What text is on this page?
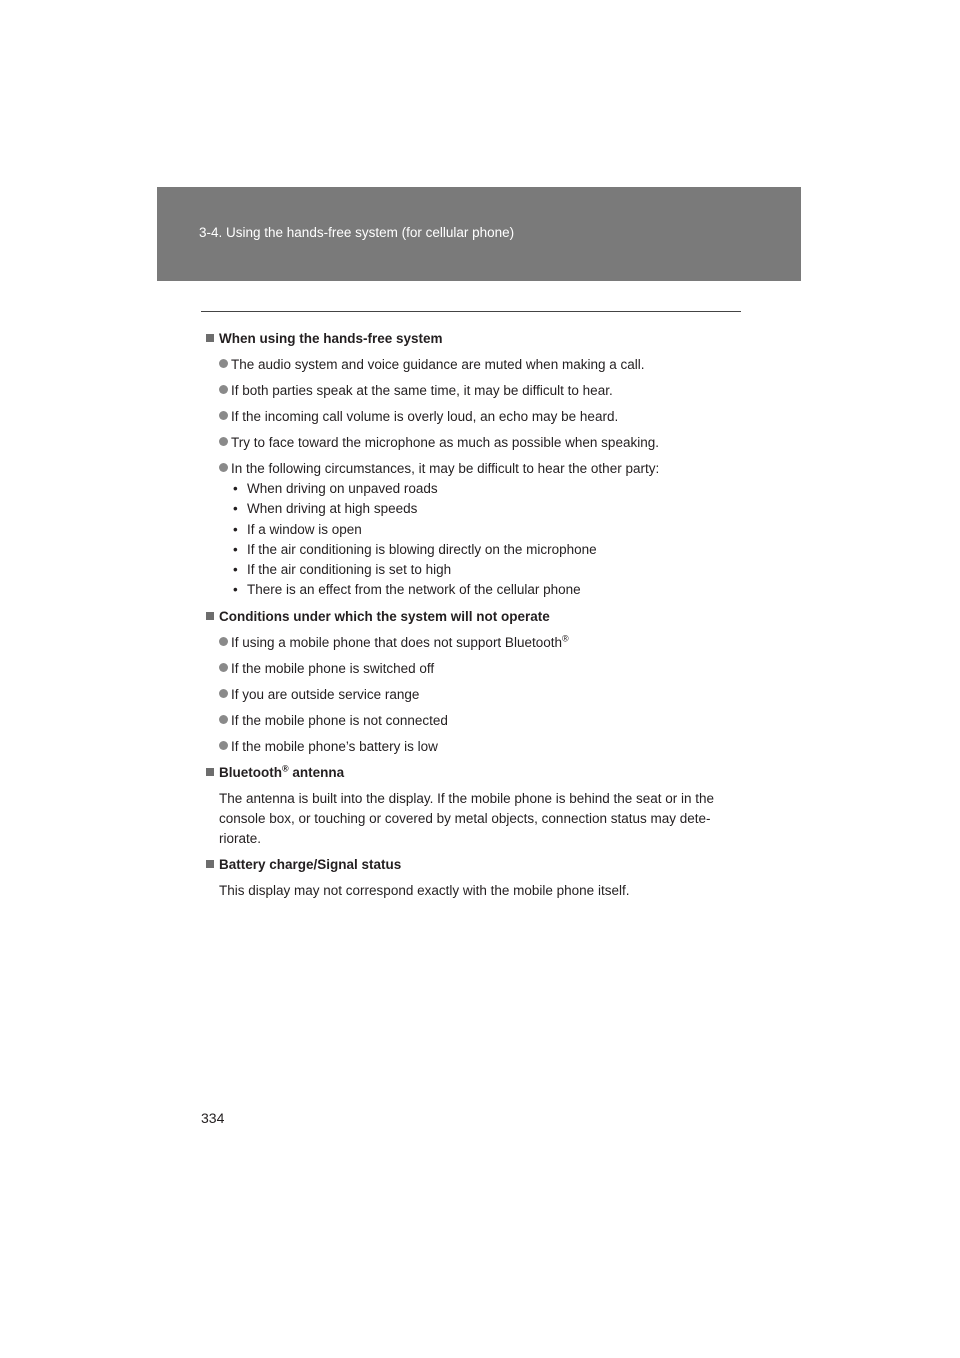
3-4. Using the hands-free system (for cellular phone)
When using the hands-free system
The audio system and voice guidance are muted when making a call.
If both parties speak at the same time, it may be difficult to hear.
If the incoming call volume is overly loud, an echo may be heard.
Try to face toward the microphone as much as possible when speaking.
In the following circumstances, it may be difficult to hear the other party:
• When driving on unpaved roads
• When driving at high speeds
• If a window is open
• If the air conditioning is blowing directly on the microphone
• If the air conditioning is set to high
• There is an effect from the network of the cellular phone
Conditions under which the system will not operate
If using a mobile phone that does not support Bluetooth®
If the mobile phone is switched off
If you are outside service range
If the mobile phone is not connected
If the mobile phone’s battery is low
Bluetooth® antenna
The antenna is built into the display. If the mobile phone is behind the seat or in the console box, or touching or covered by metal objects, connection status may dete-riorate.
Battery charge/Signal status
This display may not correspond exactly with the mobile phone itself.
334
